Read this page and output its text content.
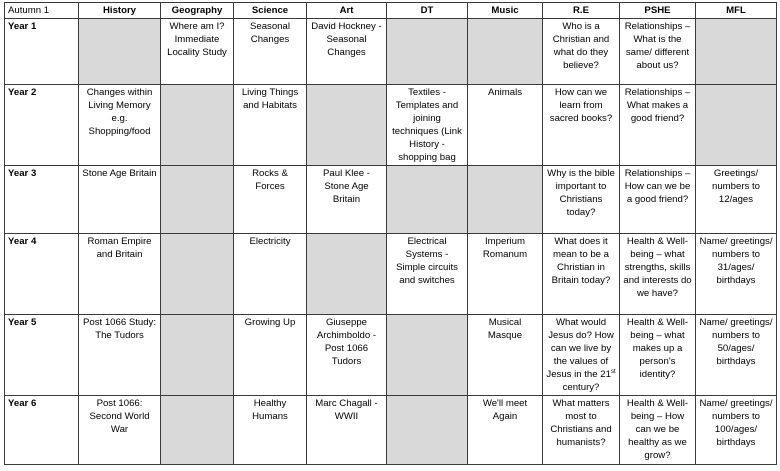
Autumn 1	History	Geography	Science	Art	DT	Music	R.E	PSHE	MFL
Year 1		Where am I? Immediate Locality Study	Seasonal Changes	David Hockney - Seasonal Changes			Who is a Christian and what do they believe?	Relationships – What is the same/ different about us?	
Year 2	Changes within Living Memory e.g. Shopping/food		Living Things and Habitats		Textiles - Templates and joining techniques (Link History - shopping bag	Animals	How can we learn from sacred books?	Relationships – What makes a good friend?	
Year 3	Stone Age Britain		Rocks & Forces	Paul Klee - Stone Age Britain			Why is the bible important to Christians today?	Relationships – How can we be a good friend?	Greetings/ numbers to 12/ages
Year 4	Roman Empire and Britain		Electricity		Electrical Systems - Simple circuits and switches	Imperium Romanum	What does it mean to be a Christian in Britain today?	Health & Well-being – what strengths, skills and interests do we have?	Name/ greetings/ numbers to 31/ages/ birthdays
Year 5	Post 1066 Study: The Tudors		Growing Up	Giuseppe Archimboldo - Post 1066 Tudors		Musical Masque	What would Jesus do? How can we live by the values of Jesus in the 21st century?	Health & Well-being – what makes up a person's identity?	Name/ greetings/ numbers to 50/ages/ birthdays
Year 6	Post 1066: Second World War		Healthy Humans	Marc Chagall - WWII		We'll meet Again	What matters most to Christians and humanists?	Health & Well-being – How can we be healthy as we grow?	Name/ greetings/ numbers to 100/ages/ birthdays
